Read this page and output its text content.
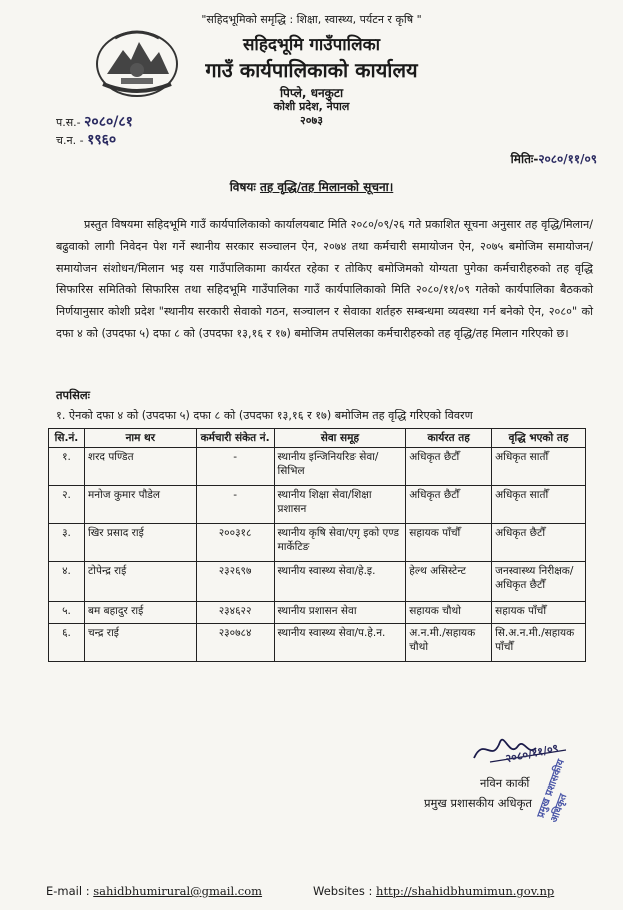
"सहिदभूमिको समृद्धि : शिक्षा, स्वास्थ्य, पर्यटन र कृषि "
सहिदभूमि गाउँपालिका
गाउँ कार्यपालिकाको कार्यालय
पिप्ले, धनकुटा
कोशी प्रदेश, नेपाल
२०७३
प.स.- २०८०/८१
च.न. - १९६०
मितिः-२०८०/११/०९
विषयः तह वृद्धि/तह मिलानको सूचना।
प्रस्तुत विषयमा सहिदभूमि गाउँ कार्यपालिकाको कार्यालयबाट मिति २०८०/०९/२६ गते प्रकाशित सूचना अनुसार तह वृद्धि/मिलान/बढुवाको लागी निवेदन पेश गर्ने स्थानीय सरकार सञ्चालन ऐन, २०७४ तथा कर्मचारी समायोजन ऐन, २०७५ बमोजिम समायोजन/समायोजन संशोधन/मिलान भइ यस गाउँपालिकामा कार्यरत रहेका र तोकिए बमोजिमको योग्यता पुगेका कर्मचारीहरुको तह वृद्धि सिफारिस समितिको सिफारिस तथा सहिदभूमि गाउँपालिका गाउँ कार्यपालिकाको मिति २०८०/११/०९ गतेको कार्यपालिका बैठकको निर्णयानुसार कोशी प्रदेश "स्थानीय सरकारी सेवाको गठन, सञ्चालन र सेवाका शर्तहरु सम्बन्धमा व्यवस्था गर्न बनेको ऐन, २०८०" को दफा ४ को (उपदफा ५) दफा ८ को (उपदफा १३,१६ र १७) बमोजिम तपसिलका कर्मचारीहरुको तह वृद्धि/तह मिलान गरिएको छ।
तपसिलः
१. ऐनको दफा ४ को (उपदफा ५) दफा ८ को (उपदफा १३,१६ र १७) बमोजिम तह वृद्धि गरिएको विवरण
सि.नं.	नाम थर	कर्मचारी संकेत नं.	सेवा समूह	कार्यरत तह	वृद्धि भएको तह
१.	शरद पण्डित	-	स्थानीय इन्जिनियरिङ सेवा/सिभिल	अधिकृत छैटौँ	अधिकृत सातौँ
२.	मनोज कुमार पौडेल	-	स्थानीय शिक्षा सेवा/शिक्षा प्रशासन	अधिकृत छैटौँ	अधिकृत सातौँ
३.	खिर प्रसाद राई	२००३१८	स्थानीय कृषि सेवा/एगृ इको एण्ड मार्केटिङ	सहायक पाँचौँ	अधिकृत छैटौँ
४.	टोपेन्द्र राई	२३२६९७	स्थानीय स्वास्थ्य सेवा/हे.इ.	हेल्थ असिस्टेन्ट	जनस्वास्थ्य निरीक्षक/ अधिकृत छैटौँ
५.	बम बहादुर राई	२३४६२२	स्थानीय प्रशासन सेवा	सहायक चौथो	सहायक पाँचौँ
६.	चन्द्र राई	२३०७८४	स्थानीय स्वास्थ्य सेवा/प.हे.न.	अ.न.मी./सहायक चौथो	सि.अ.न.मी./सहायक पाँचौँ
२०८०/११/०९
प्रमुख प्रशासकीय अधिकृत
नविन कार्की
प्रमुख प्रशासकीय अधिकृत
E-mail : sahidbhumirural@gmail.com	Websites : http://shahidbhumimun.gov.np
